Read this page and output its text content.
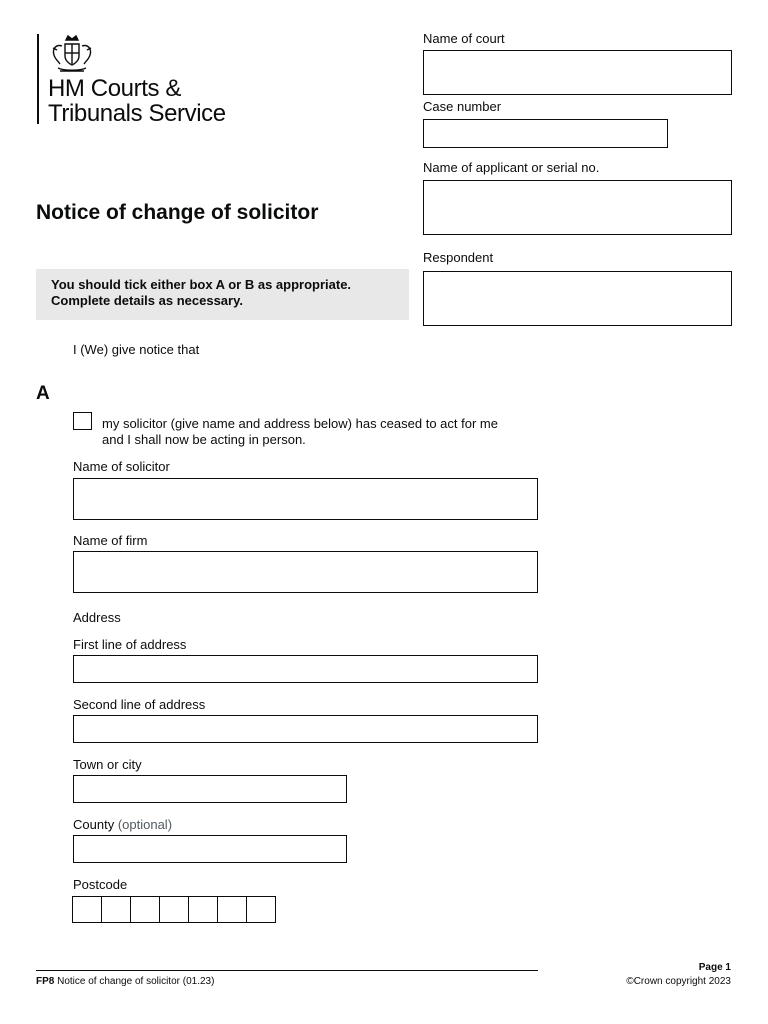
HM Courts &
Tribunals Service
Notice of change of solicitor
You should tick either box A or B as appropriate.
Complete details as necessary.
Name of court
Case number
Name of applicant or serial no.
Respondent
I (We) give notice that
A
my solicitor (give name and address below) has ceased to act for me and I shall now be acting in person.
Name of solicitor
Name of firm
Address
First line of address
Second line of address
Town or city
County (optional)
Postcode
FP8 Notice of change of solicitor (01.23)
Page 1
©Crown copyright 2023
